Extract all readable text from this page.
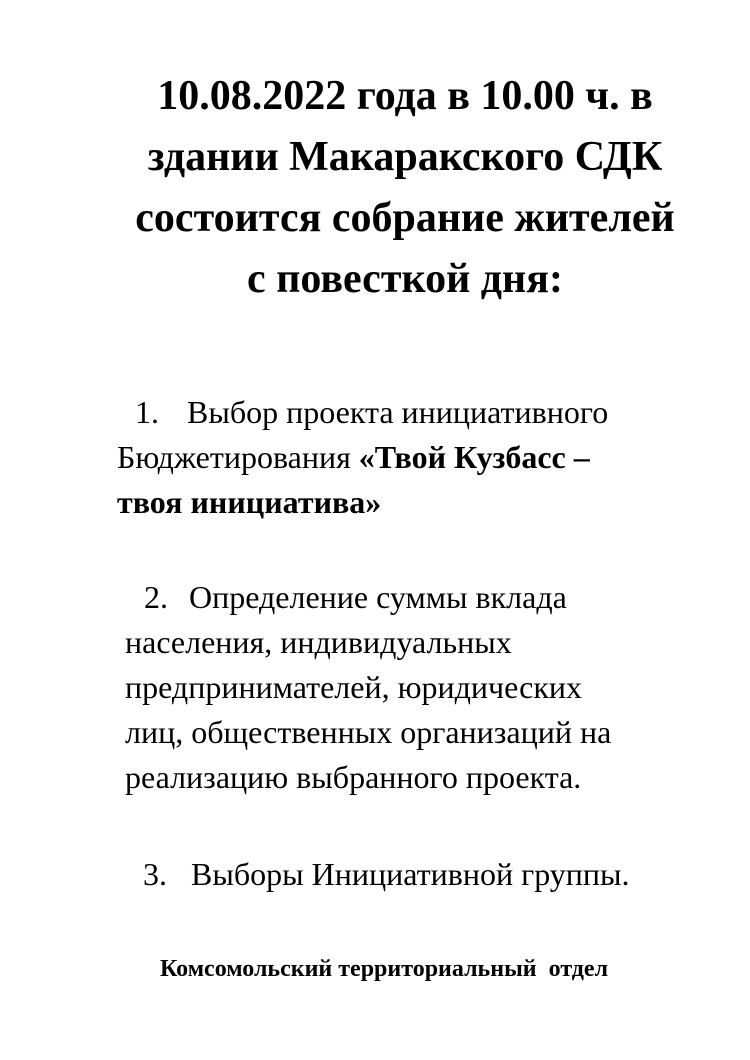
10.08.2022 года в 10.00 ч. в
здании Макаракского СДК
состоится собрание жителей
с повесткой дня:
1. Выбор проекта инициативного
Бюджетирования «Твой Кузбасс –
твоя инициатива»
2. Определение суммы вклада
населения, индивидуальных
предпринимателей, юридических
лиц, общественных организаций на
реализацию выбранного проекта.
3. Выборы Инициативной группы.
Комсомольский территориальный  отдел
